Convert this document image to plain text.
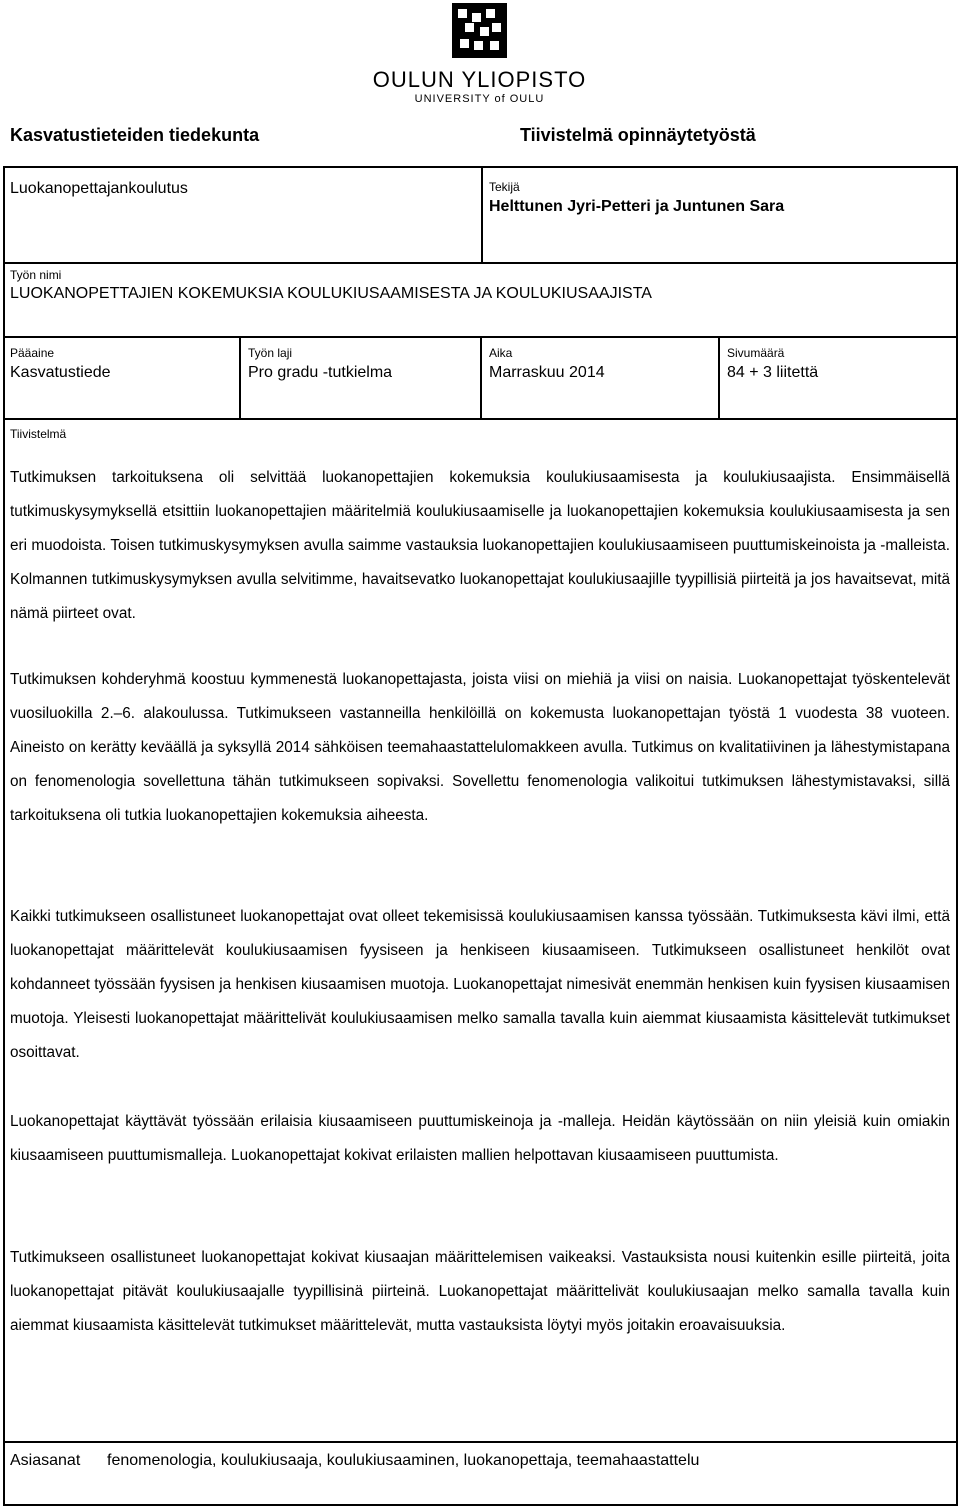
OULUN YLIOPISTO
UNIVERSITY of OULU
Kasvatustieteiden tiedekunta	Tiivistelmä opinnäytetyöstä
Luokanopettajankoulutus	Tekijä
Helttunen Jyri-Petteri ja Juntunen Sara
Työn nimi
LUOKANOPETTAJIEN KOKEMUKSIA KOULUKIUSAAMISESTA JA KOULUKIUSAAJISTA
Pääaine
Kasvatustiede
Työn laji
Pro gradu -tutkielma
Aika
Marraskuu 2014
Sivumäärä
84 + 3 liitettä
Tiivistelmä
Tutkimuksen tarkoituksena oli selvittää luokanopettajien kokemuksia koulukiusaamisesta ja koulukiusaajista. Ensimmäisellä tutkimuskysymyksellä etsittiin luokanopettajien määritelmiä koulukiusaamiselle ja luokanopettajien kokemuksia koulukiusaamisesta ja sen eri muodoista. Toisen tutkimuskysymyksen avulla saimme vastauksia luokanopettajien koulukiusaamiseen puuttumiskeinoista ja -malleista. Kolmannen tutkimuskysymyksen avulla selvitimme, havaitsevatko luokanopettajat koulukiusaajille tyypillisiä piirteitä ja jos havaitsevat, mitä nämä piirteet ovat.
Tutkimuksen kohderyhmä koostuu kymmenestä luokanopettajasta, joista viisi on miehiä ja viisi on naisia. Luokanopettajat työskentelevät vuosiluokilla 2.–6. alakoulussa. Tutkimukseen vastanneilla henkilöillä on kokemusta luokanopettajan työstä 1 vuodesta 38 vuoteen. Aineisto on kerätty keväällä ja syksyllä 2014 sähköisen teemahaastattelulomakkeen avulla. Tutkimus on kvalitatiivinen ja lähestymistapana on fenomenologia sovellettuna tähän tutkimukseen sopivaksi. Sovellettu fenomenologia valikoitui tutkimuksen lähestymistavaksi, sillä tarkoituksena oli tutkia luokanopettajien kokemuksia aiheesta.
Kaikki tutkimukseen osallistuneet luokanopettajat ovat olleet tekemisissä koulukiusaamisen kanssa työssään. Tutkimuksesta kävi ilmi, että luokanopettajat määrittelevät koulukiusaamisen fyysiseen ja henkiseen kiusaamiseen. Tutkimukseen osallistuneet henkilöt ovat kohdanneet työssään fyysisen ja henkisen kiusaamisen muotoja. Luokanopettajat nimesivät enemmän henkisen kuin fyysisen kiusaamisen muotoja. Yleisesti luokanopettajat määrittelivät koulukiusaamisen melko samalla tavalla kuin aiemmat kiusaamista käsittelevät tutkimukset osoittavat.
Luokanopettajat käyttävät työssään erilaisia kiusaamiseen puuttumiskeinoja ja -malleja. Heidän käytössään on niin yleisiä kuin omiakin kiusaamiseen puuttumismalleja. Luokanopettajat kokivat erilaisten mallien helpottavan kiusaamiseen puuttumista.
Tutkimukseen osallistuneet luokanopettajat kokivat kiusaajan määrittelemisen vaikeaksi. Vastauksista nousi kuitenkin esille piirteitä, joita luokanopettajat pitävät koulukiusaajalle tyypillisinä piirteinä. Luokanopettajat määrittelivät koulukiusaajan melko samalla tavalla kuin aiemmat kiusaamista käsittelevät tutkimukset määrittelevät, mutta vastauksista löytyi myös joitakin eroavaisuuksia.
Asiasanat fenomenologia, koulukiusaaja, koulukiusaaminen, luokanopettaja, teemahaastattelu
